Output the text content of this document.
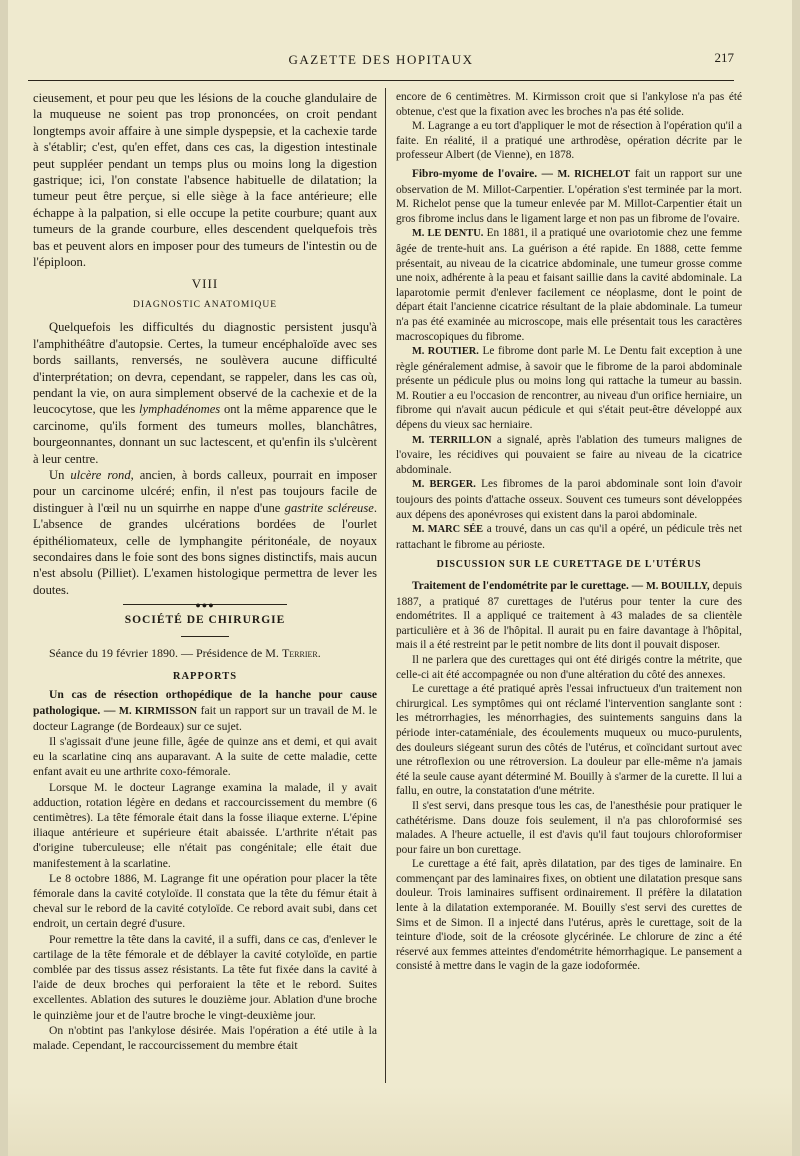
GAZETTE DES HOPITAUX	217

cieusement, et pour peu que les lésions de la couche glandulaire de la muqueuse ne soient pas trop prononcées, on croit pendant longtemps avoir affaire à une simple dyspepsie, et la cachexie tarde à s'établir; c'est, qu'en effet, dans ces cas, la digestion intestinale peut suppléer pendant un temps plus ou moins long la digestion gastrique; ici, l'on constate l'absence habituelle de dilatation; la tumeur peut être perçue, si elle siège à la face antérieure; elle échappe à la palpation, si elle occupe la petite courbure; quant aux tumeurs de la grande courbure, elles descendent quelquefois très bas et peuvent alors en imposer pour des tumeurs de l'intestin ou de l'épiploon.

VIII
DIAGNOSTIC ANATOMIQUE

Quelquefois les difficultés du diagnostic persistent jusqu'à l'amphithéâtre d'autopsie. Certes, la tumeur encéphaloïde avec ses bords saillants, renversés, ne soulèvera aucune difficulté d'interprétation; on devra, cependant, se rappeler, dans les cas où, pendant la vie, on aura simplement observé de la cachexie et de la leucocytose, que les lymphadénomes ont la même apparence que le carcinome, qu'ils forment des tumeurs molles, blanchâtres, bourgeonnantes, donnant un suc lactescent, et qu'enfin ils s'ulcèrent à leur centre.

Un ulcère rond, ancien, à bords calleux, pourrait en imposer pour un carcinome ulcéré; enfin, il n'est pas toujours facile de distinguer à l'œil nu un squirrhe en nappe d'une gastrite scléreuse. L'absence de grandes ulcérations bordées de l'ourlet épithéliomateux, celle de lymphangite péritonéale, de noyaux secondaires dans le foie sont des bons signes distinctifs, mais aucun n'est absolu (Pilliet). L'examen histologique permettra de lever les doutes.

●●●
SOCIÉTÉ DE CHIRURGIE
Séance du 19 février 1890. — Présidence de M. Terrier.
RAPPORTS

Un cas de résection orthopédique de la hanche pour cause pathologique. — M. KIRMISSON fait un rapport sur un travail de M. le docteur Lagrange (de Bordeaux) sur ce sujet.

Il s'agissait d'une jeune fille, âgée de quinze ans et demi, et qui avait eu la scarlatine cinq ans auparavant. A la suite de cette maladie, cette enfant avait eu une arthrite coxo-fémorale.

Lorsque M. le docteur Lagrange examina la malade, il y avait adduction, rotation légère en dedans et raccourcissement du membre (6 centimètres). La tête fémorale était dans la fosse iliaque externe. L'épine iliaque antérieure et supérieure était abaissée. L'arthrite n'était pas d'origine tuberculeuse; elle n'était pas congénitale; elle était due manifestement à la scarlatine.

Le 8 octobre 1886, M. Lagrange fit une opération pour placer la tête fémorale dans la cavité cotyloïde. Il constata que la tête du fémur était à cheval sur le rebord de la cavité cotyloïde. Ce rebord avait subi, dans cet endroit, un certain degré d'usure.

Pour remettre la tête dans la cavité, il a suffi, dans ce cas, d'enlever le cartilage de la tête fémorale et de déblayer la cavité cotyloïde, en partie comblée par des tissus assez résistants. La tête fut fixée dans la cavité à l'aide de deux broches qui perforaient la tête et le rebord. Suites excellentes. Ablation des sutures le douzième jour. Ablation d'une broche le quinzième jour et de l'autre broche le vingt-deuxième jour.

On n'obtint pas l'ankylose désirée. Mais l'opération a été utile à la malade. Cependant, le raccourcissement du membre était

encore de 6 centimètres. M. Kirmisson croit que si l'ankylose n'a pas été obtenue, c'est que la fixation avec les broches n'a pas été solide.

M. Lagrange a eu tort d'appliquer le mot de résection à l'opération qu'il a faite. En réalité, il a pratiqué une arthrodèse, opération décrite par le professeur Albert (de Vienne), en 1878.

Fibro-myome de l'ovaire. — M. RICHELOT fait un rapport sur une observation de M. Millot-Carpentier. L'opération s'est terminée par la mort. M. Richelot pense que la tumeur enlevée par M. Millot-Carpentier était un gros fibrome inclus dans le ligament large et non pas un fibrome de l'ovaire.

M. LE DENTU. En 1881, il a pratiqué une ovariotomie chez une femme âgée de trente-huit ans. La guérison a été rapide. En 1888, cette femme présentait, au niveau de la cicatrice abdominale, une tumeur grosse comme une noix, adhérente à la peau et faisant saillie dans la cavité abdominale. La laparotomie permit d'enlever facilement ce néoplasme, dont le point de départ était l'ancienne cicatrice résultant de la plaie abdominale. La tumeur n'a pas été examinée au microscope, mais elle présentait tous les caractères macroscopiques du fibrome.

M. ROUTIER. Le fibrome dont parle M. Le Dentu fait exception à une règle généralement admise, à savoir que le fibrome de la paroi abdominale présente un pédicule plus ou moins long qui rattache la tumeur au bassin. M. Routier a eu l'occasion de rencontrer, au niveau d'un orifice herniaire, un fibrome qui n'avait aucun pédicule et qui s'était peut-être développé aux dépens du vieux sac herniaire.

M. TERRILLON a signalé, après l'ablation des tumeurs malignes de l'ovaire, les récidives qui pouvaient se faire au niveau de la cicatrice abdominale.

M. BERGER. Les fibromes de la paroi abdominale sont loin d'avoir toujours des points d'attache osseux. Souvent ces tumeurs sont développées aux dépens des aponévroses qui existent dans la paroi abdominale.

M. MARC SÉE a trouvé, dans un cas qu'il a opéré, un pédicule très net rattachant le fibrome au périoste.

DISCUSSION SUR LE CURETTAGE DE L'UTÉRUS

Traitement de l'endométrite par le curettage. — M. BOUILLY, depuis 1887, a pratiqué 87 curettages de l'utérus pour tenter la cure des endométrites. Il a appliqué ce traitement à 43 malades de sa clientèle particulière et à 36 de l'hôpital. Il aurait pu en faire davantage à l'hôpital, mais il a été restreint par le petit nombre de lits dont il pouvait disposer.

Il ne parlera que des curettages qui ont été dirigés contre la métrite, que celle-ci ait été accompagnée ou non d'une altération du côté des annexes.

Le curettage a été pratiqué après l'essai infructueux d'un traitement non chirurgical. Les symptômes qui ont réclamé l'intervention sanglante sont : les métrorrhagies, les ménorrhagies, des suintements sanguins dans la période inter-cataméniale, des écoulements muqueux ou muco-purulents, des douleurs siégeant surun des côtés de l'utérus, et coïncidant surtout avec une rétroflexion ou une rétroversion. La douleur par elle-même n'a jamais été la seule cause ayant déterminé M. Bouilly à s'armer de la curette. Il lui a fallu, en outre, la constatation d'une métrite.

Il s'est servi, dans presque tous les cas, de l'anesthésie pour pratiquer le cathétérisme. Dans douze fois seulement, il n'a pas chloroformisé ses malades. A l'heure actuelle, il est d'avis qu'il faut toujours chloroformiser pour faire un bon curettage.

Le curettage a été fait, après dilatation, par des tiges de laminaire. En commençant par des laminaires fixes, on obtient une dilatation presque sans douleur. Trois laminaires suffisent ordinairement. Il préfère la dilatation lente à la dilatation extemporanée. M. Bouilly s'est servi des curettes de Sims et de Simon. Il a injecté dans l'utérus, après le curettage, soit de la teinture d'iode, soit de la créosote glycérinée. Le chlorure de zinc a été réservé aux femmes atteintes d'endométrite hémorrhagique. Le pansement a consisté à mettre dans le vagin de la gaze iodoformée.
